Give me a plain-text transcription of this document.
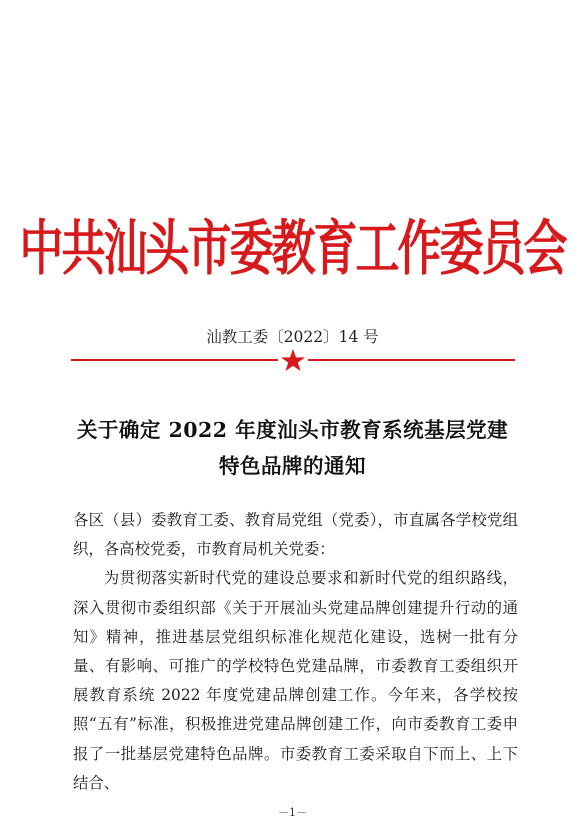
中共汕头市委教育工作委员会
汕教工委〔2022〕14 号
关于确定 2022 年度汕头市教育系统基层党建
特色品牌的通知

各区（县）委教育工委、教育局党组（党委），市直属各学校党组织，各高校党委，市教育局机关党委：

为贯彻落实新时代党的建设总要求和新时代党的组织路线，深入贯彻市委组织部《关于开展汕头党建品牌创建提升行动的通知》精神，推进基层党组织标准化规范化建设，选树一批有分量、有影响、可推广的学校特色党建品牌，市委教育工委组织开展教育系统 2022 年度党建品牌创建工作。今年来，各学校按照“五有”标准，积极推进党建品牌创建工作，向市委教育工委申报了一批基层党建特色品牌。市委教育工委采取自下而上、上下结合、

－1－
